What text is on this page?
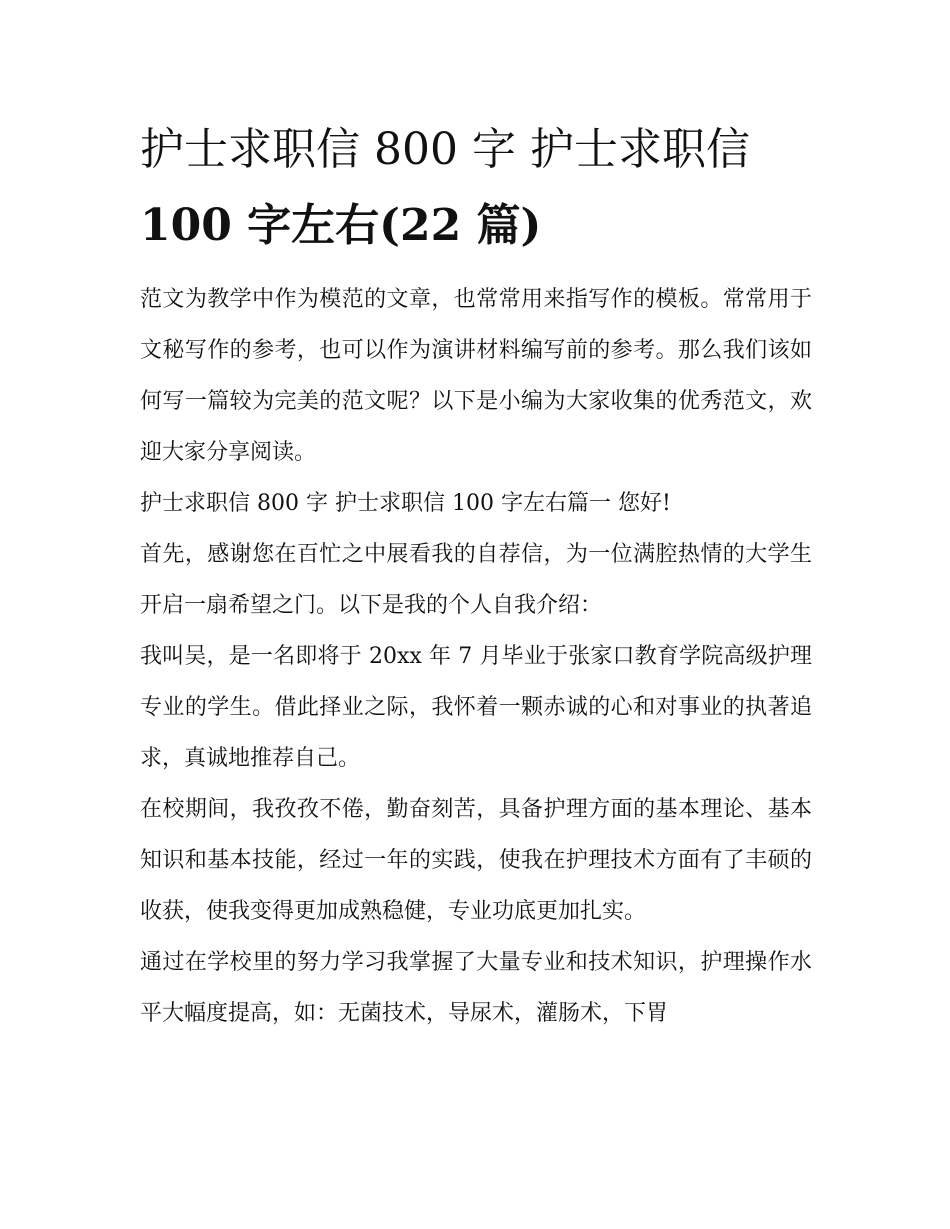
护士求职信 800 字 护士求职信
100 字左右(22 篇)

范文为教学中作为模范的文章，也常常用来指写作的模板。常常用于文秘写作的参考，也可以作为演讲材料编写前的参考。那么我们该如何写一篇较为完美的范文呢？以下是小编为大家收集的优秀范文，欢迎大家分享阅读。

护士求职信 800 字 护士求职信 100 字左右篇一 您好!

首先，感谢您在百忙之中展看我的自荐信，为一位满腔热情的大学生开启一扇希望之门。以下是我的个人自我介绍：

我叫吴，是一名即将于 20xx 年 7 月毕业于张家口教育学院高级护理专业的学生。借此择业之际，我怀着一颗赤诚的心和对事业的执著追求，真诚地推荐自己。

在校期间，我孜孜不倦，勤奋刻苦，具备护理方面的基本理论、基本知识和基本技能，经过一年的实践，使我在护理技术方面有了丰硕的收获，使我变得更加成熟稳健，专业功底更加扎实。

通过在学校里的努力学习我掌握了大量专业和技术知识，护理操作水平大幅度提高，如：无菌技术，导尿术，灌肠术，下胃
